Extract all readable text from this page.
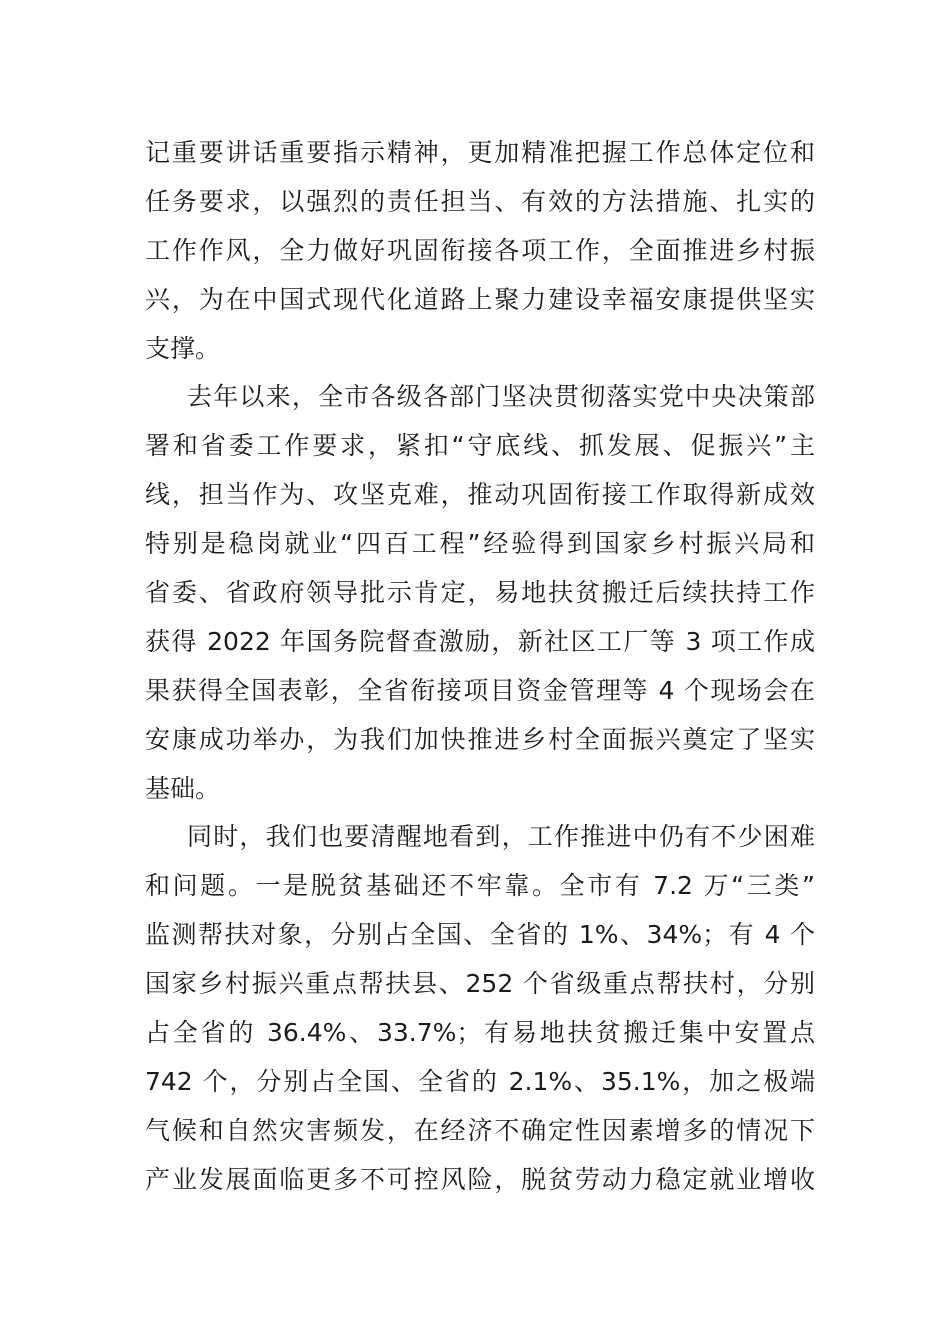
记重要讲话重要指示精神，更加精准把握工作总体定位和
任务要求，以强烈的责任担当、有效的方法措施、扎实的
工作作风，全力做好巩固衔接各项工作，全面推进乡村振
兴，为在中国式现代化道路上聚力建设幸福安康提供坚实
支撑。
去年以来，全市各级各部门坚决贯彻落实党中央决策部
署和省委工作要求，紧扣“守底线、抓发展、促振兴”主
线，担当作为、攻坚克难，推动巩固衔接工作取得新成效
特别是稳岗就业“四百工程”经验得到国家乡村振兴局和
省委、省政府领导批示肯定，易地扶贫搬迁后续扶持工作
获得 2022 年国务院督查激励，新社区工厂等 3 项工作成
果获得全国表彰，全省衔接项目资金管理等 4 个现场会在
安康成功举办，为我们加快推进乡村全面振兴奠定了坚实
基础。
同时，我们也要清醒地看到，工作推进中仍有不少困难
和问题。一是脱贫基础还不牢靠。全市有 7.2 万“三类”
监测帮扶对象，分别占全国、全省的 1%、34%；有 4 个
国家乡村振兴重点帮扶县、252 个省级重点帮扶村，分别
占全省的 36.4%、33.7%；有易地扶贫搬迁集中安置点
742 个，分别占全国、全省的 2.1%、35.1%，加之极端
气候和自然灾害频发，在经济不确定性因素增多的情况下
产业发展面临更多不可控风险，脱贫劳动力稳定就业增收
